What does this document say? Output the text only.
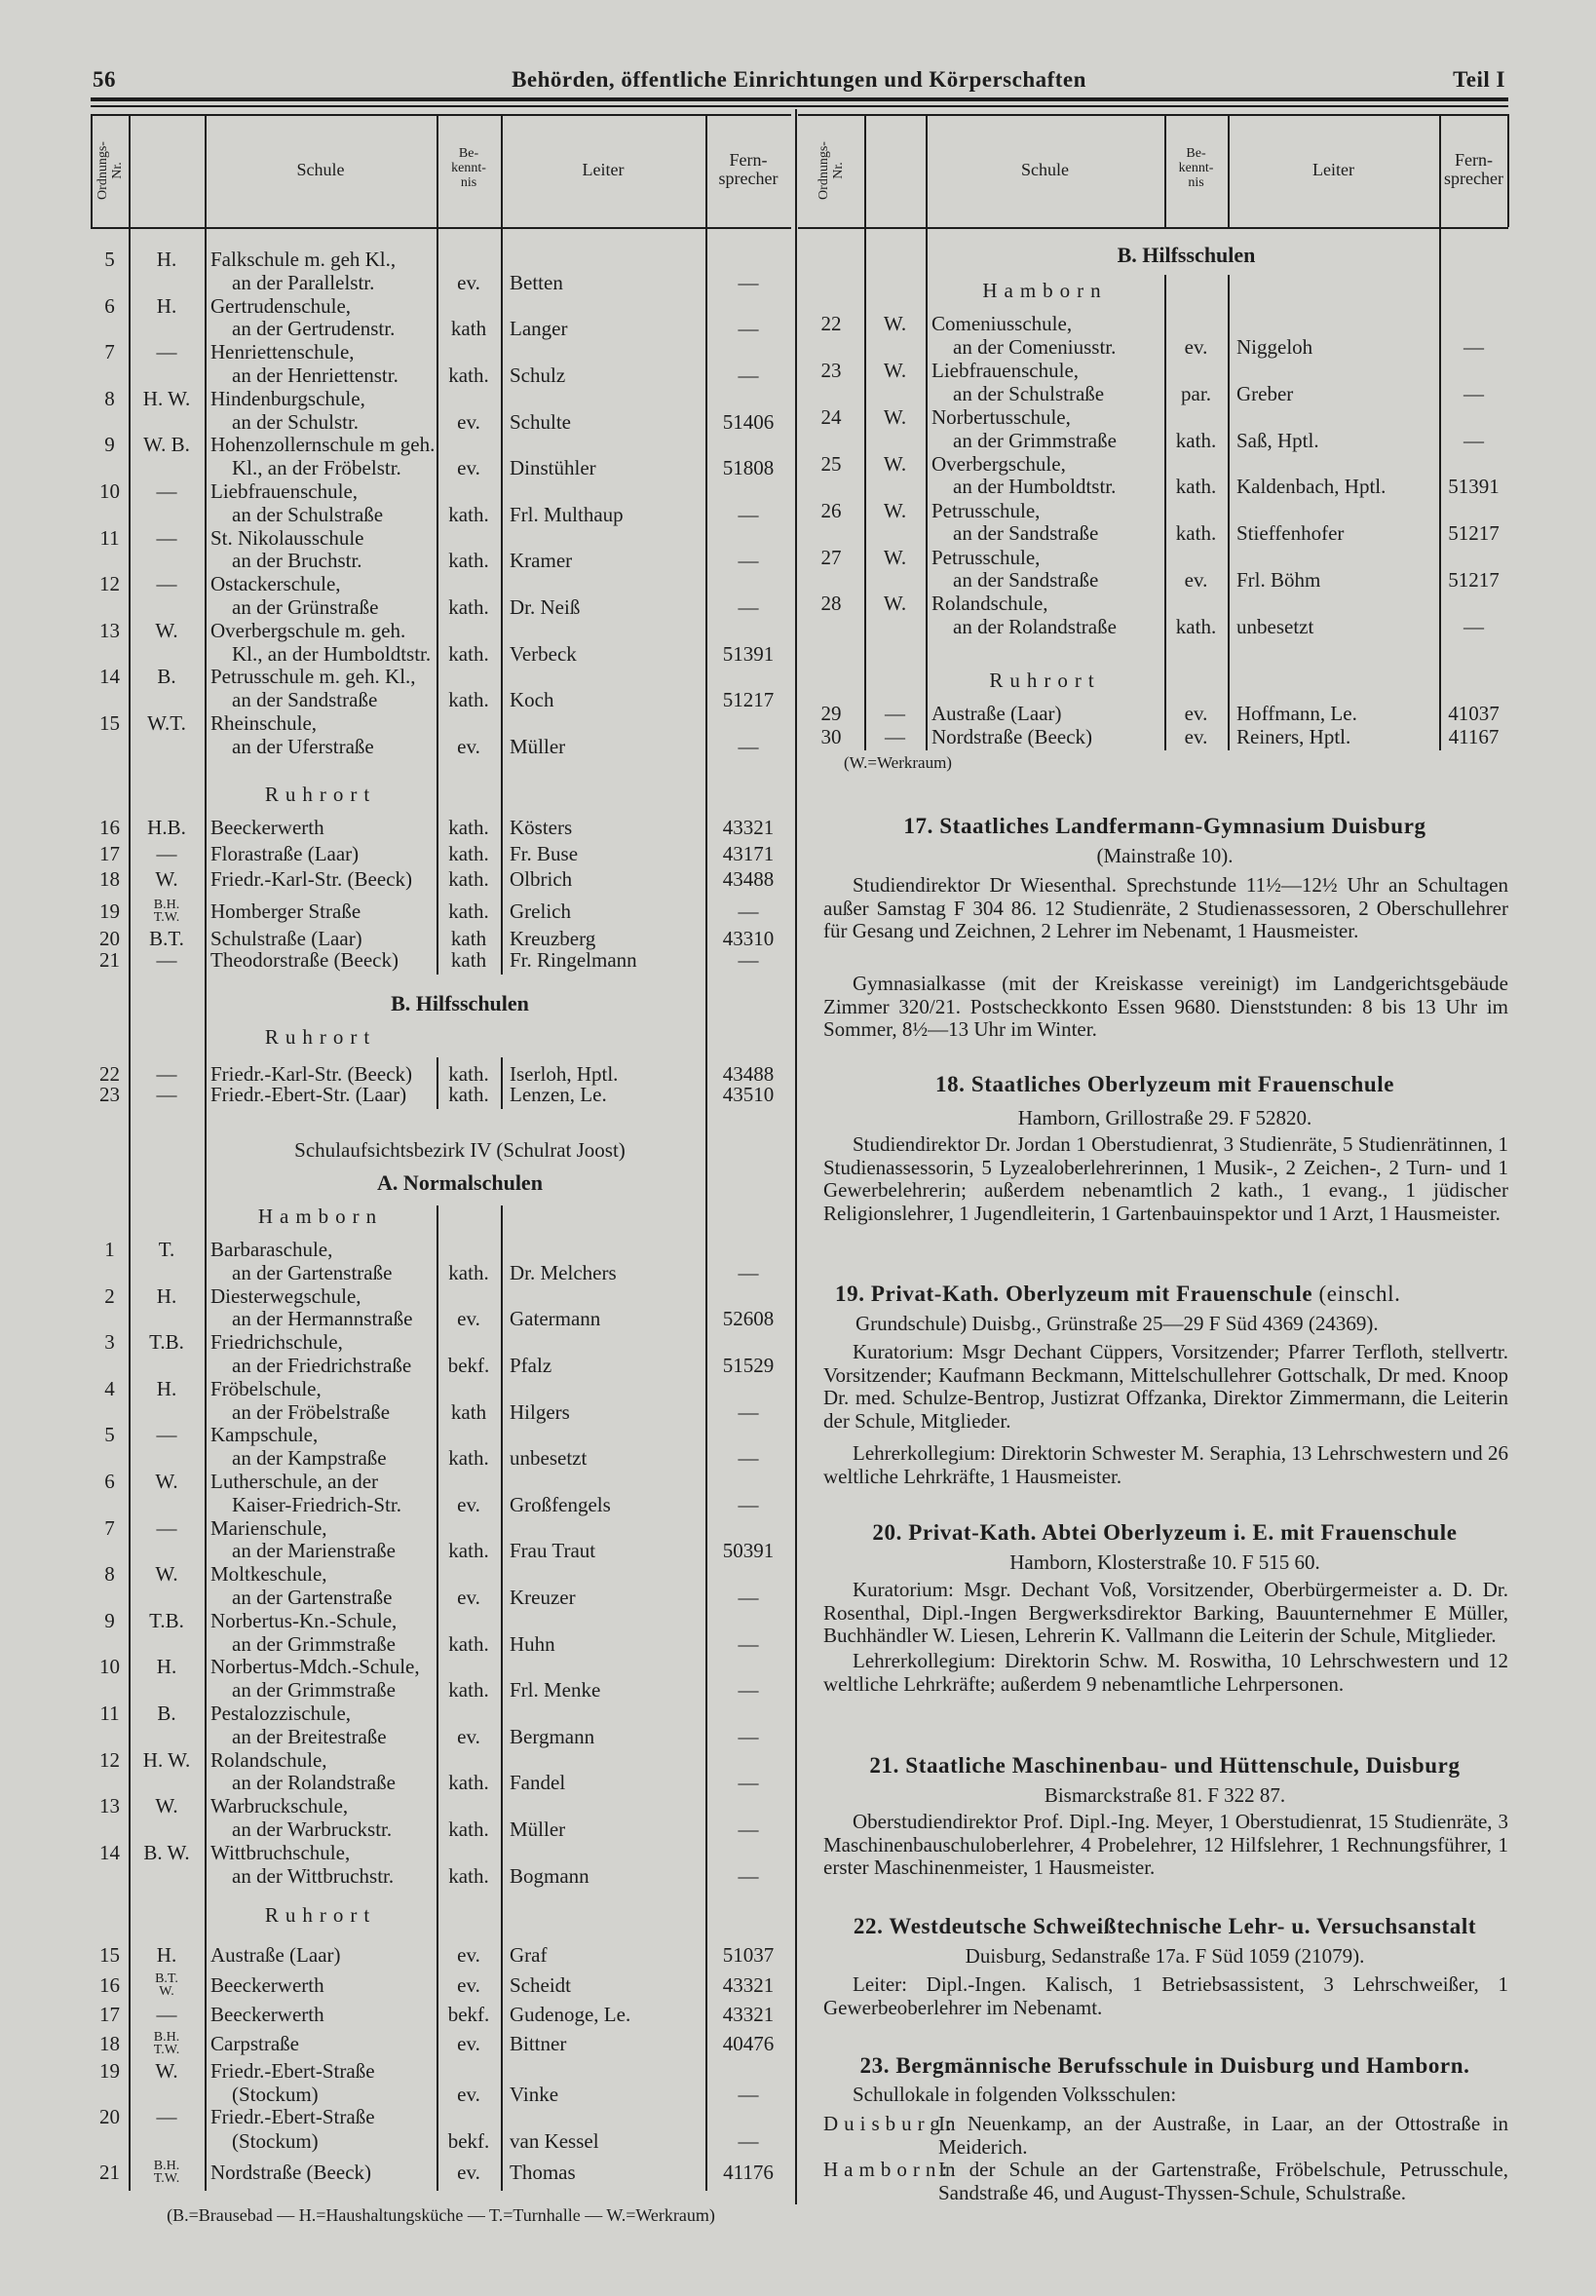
56	Behörden, öffentliche Einrichtungen und Körperschaften	Teil I
Ordnungs-
Nr.	Schule
Be-
kennt-
nis
Leiter	Fern-
sprecher	Ordnungs-
Nr.	Schule
Be-
kennt-
nis
Leiter	Fern-
sprecher
5	H.	Falkschule m. geh Kl.,
an der Parallelstr.	ev.	Betten	—
6	H.	Gertrudenschule,
an der Gertrudenstr.	kath	Langer	—
7	—	Henriettenschule,
an der Henriettenstr.	kath.	Schulz	—
8	H. W. Hindenburgschule,
an der Schulstr.	ev.	Schulte	51406
9	W. B.	Hohenzollernschule m geh.
Kl., an der Fröbelstr.	ev.	Dinstühler	51808
10	—	Liebfrauenschule,
an der Schulstraße	kath.	Frl. Multhaup	—
11	—	St. Nikolausschule
an der Bruchstr.	kath.	Kramer	—
12	—	Ostackerschule,
an der Grünstraße	kath.	Dr. Neiß	—
13	W.	Overbergschule m. geh.
Kl., an der Humboldtstr. kath.	Verbeck	51391
14	B.	Petrusschule m. geh. Kl.,
an der Sandstraße	kath.	Koch	51217
15	W.T.	Rheinschule,
an der Uferstraße	ev.	Müller	—
Ruhrort
16	H.B.	Beeckerwerth	kath.	Kösters	43321
17	—	Florastraße (Laar)	kath.	Fr. Buse	43171
18	W.	Friedr.-Karl-Str. (Beeck)	kath.	Olbrich	43488
19	B.H.
T.W.	Homberger Straße	kath.	Grelich	—
20	B.T.	Schulstraße (Laar)	kath	Kreuzberg	43310
21	—	Theodorstraße (Beeck)	kath	Fr. Ringelmann	—
B. Hilfsschulen
Ruhrort
22	—	Friedr.-Karl-Str. (Beeck)	kath.	Iserloh, Hptl.	43488
23	—	Friedr.-Ebert-Str. (Laar)	kath.	Lenzen, Le.	43510
Schulaufsichtsbezirk IV (Schulrat Joost)
A. Normalschulen
Hamborn
1	T.	Barbaraschule,
an der Gartenstraße	kath.	Dr. Melchers	—
2	H.	Diesterwegschule,
an der Hermannstraße	ev.	Gatermann	52608
3	T.B.	Friedrichschule,
an der Friedrichstraße	bekf. Pfalz	51529
4	H.	Fröbelschule,
an der Fröbelstraße	kath	Hilgers	—
5	—	Kampschule,
an der Kampstraße	kath.	unbesetzt	—
6	W.	Lutherschule, an der
Kaiser-Friedrich-Str.	ev.	Großfengels	—
7	—	Marienschule,
an der Marienstraße	kath.	Frau Traut	50391
8	W.	Moltkeschule,
an der Gartenstraße	ev.	Kreuzer	—
9	T.B.	Norbertus-Kn.-Schule,
an der Grimmstraße	kath.	Huhn	—
10	H.	Norbertus-Mdch.-Schule,
an der Grimmstraße	kath.	Frl. Menke	—
11	B.	Pestalozzischule,
an der Breitestraße	ev.	Bergmann	—
12	H. W. Rolandschule,
an der Rolandstraße	kath.	Fandel	—
13	W.	Warbruckschule,
an der Warbruckstr.	kath.	Müller	—
14	B. W.	Wittbruchschule,
an der Wittbruchstr.	kath.	Bogmann	—
Ruhrort
15	H.	Austraße (Laar)	ev.	Graf	51037
16	B.T.
W.	Beeckerwerth	ev.	Scheidt	43321
17	—	Beeckerwerth	bekf. Gudenoge, Le.	43321
18	B.H.
T.W.	Carpstraße	ev.	Bittner	40476
19	W.	Friedr.-Ebert-Straße
(Stockum)	ev.	Vinke	—
20	—	Friedr.-Ebert-Straße
(Stockum)	bekf. van Kessel	—
21	B.H.
T.W.	Nordstraße (Beeck)	ev.	Thomas	41176
B. Hilfsschulen
Hamborn
22	W.	Comeniusschule,
an der Comeniusstr.	ev.	Niggeloh	—
23	W.	Liebfrauenschule,
an der Schulstraße	par.	Greber	—
24	W.	Norbertusschule,
an der Grimmstraße	kath. Saß, Hptl.	—
25	W.	Overbergschule,
an der Humboldtstr.	kath. Kaldenbach, Hptl.	51391
26	W.	Petrusschule,
an der Sandstraße	kath. Stieffenhofer	51217
27	W.	Petrusschule,
an der Sandstraße	ev.	Frl. Böhm	51217
28	W.	Rolandschule,
an der Rolandstraße	kath. unbesetzt	—
Ruhrort
29	—	Austraße (Laar)	ev.	Hoffmann, Le.	41037
30	—	Nordstraße (Beeck)	ev.	Reiners, Hptl.	41167
(B.=Brausebad — H.=Haushaltungsküche — T.=Turnhalle — W.=Werkraum)
(W.=Werkraum)
17. Staatliches Landfermann-Gymnasium Duisburg
(Mainstraße 10).
Studiendirektor Dr Wiesenthal. Sprechstunde 11½—12½ Uhr an Schultagen außer Samstag F 304 86. 12 Studienräte, 2 Studienassessoren, 2 Oberschullehrer für Gesang und Zeichnen, 2 Lehrer im Nebenamt, 1 Hausmeister.
Gymnasialkasse (mit der Kreiskasse vereinigt) im Landgerichtsgebäude Zimmer 320/21. Postscheckkonto Essen 9680. Dienststunden: 8 bis 13 Uhr im Sommer, 8½—13 Uhr im Winter.
18. Staatliches Oberlyzeum mit Frauenschule
Hamborn, Grillostraße 29. F 52820.
Studiendirektor Dr. Jordan 1 Oberstudienrat, 3 Studienräte, 5 Studienrätinnen, 1 Studienassessorin, 5 Lyzealoberlehrerinnen, 1 Musik-, 2 Zeichen-, 2 Turn- und 1 Gewerbelehrerin; außerdem nebenamtlich 2 kath., 1 evang., 1 jüdischer Religionslehrer, 1 Jugendleiterin, 1 Gartenbauinspektor und 1 Arzt, 1 Hausmeister.
19. Privat-Kath. Oberlyzeum mit Frauenschule (einschl.
Grundschule) Duisbg., Grünstraße 25—29 F Süd 4369 (24369).
Kuratorium: Msgr Dechant Cüppers, Vorsitzender; Pfarrer Terfloth, stellvertr. Vorsitzender; Kaufmann Beckmann, Mittelschullehrer Gottschalk, Dr med. Knoop Dr. med. Schulze-Bentrop, Justizrat Offzanka, Direktor Zimmermann, die Leiterin der Schule, Mitglieder.
Lehrerkollegium: Direktorin Schwester M. Seraphia, 13 Lehrschwestern und 26 weltliche Lehrkräfte, 1 Hausmeister.
20. Privat-Kath. Abtei Oberlyzeum i. E. mit Frauenschule
Hamborn, Klosterstraße 10. F 515 60.
Kuratorium: Msgr. Dechant Voß, Vorsitzender, Oberbürgermeister a. D. Dr. Rosenthal, Dipl.-Ingen Bergwerksdirektor Barking, Bauunternehmer E Müller, Buchhändler W. Liesen, Lehrerin K. Vallmann die Leiterin der Schule, Mitglieder.
Lehrerkollegium: Direktorin Schw. M. Roswitha, 10 Lehrschwestern und 12 weltliche Lehrkräfte; außerdem 9 nebenamtliche Lehrpersonen.
21. Staatliche Maschinenbau- und Hüttenschule, Duisburg
Bismarckstraße 81. F 322 87.
Oberstudiendirektor Prof. Dipl.-Ing. Meyer, 1 Oberstudienrat, 15 Studienräte, 3 Maschinenbauschuloberlehrer, 4 Probelehrer, 12 Hilfslehrer, 1 Rechnungsführer, 1 erster Maschinenmeister, 1 Hausmeister.
22. Westdeutsche Schweißtechnische Lehr- u. Versuchsanstalt
Duisburg, Sedanstraße 17a. F Süd 1059 (21079).
Leiter: Dipl.-Ingen. Kalisch, 1 Betriebsassistent, 3 Lehrschweißer, 1 Gewerbeoberlehrer im Nebenamt.
23. Bergmännische Berufsschule in Duisburg und Hamborn.
Schullokale in folgenden Volksschulen:
Duisburg:
In Neuenkamp, an der Austraße, in Laar, an der Ottostraße in Meiderich.
Hamborn:
In der Schule an der Gartenstraße, Fröbelschule, Petrusschule, Sandstraße 46, und August-Thyssen-Schule, Schulstraße.
